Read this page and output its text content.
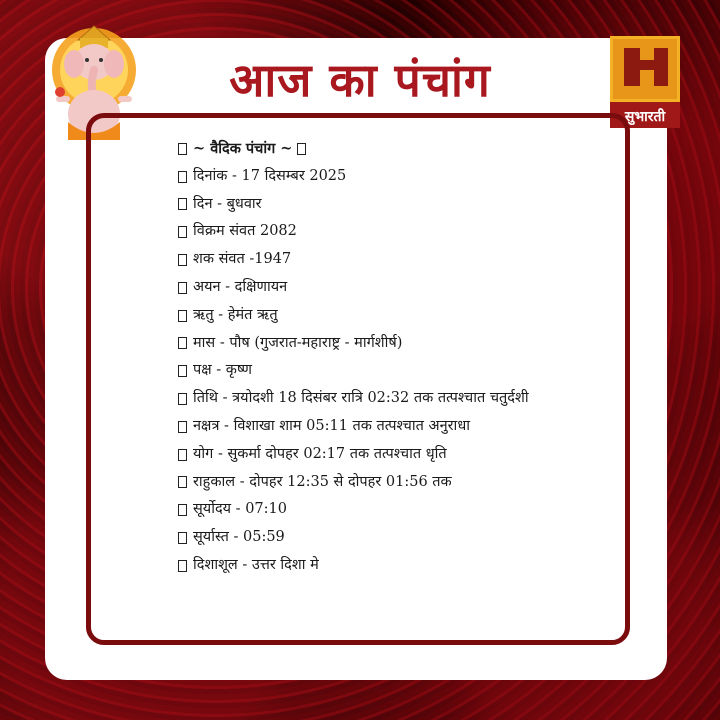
सुभारती
आज का पंचांग
~ वैदिक पंचांग ~
दिनांक - 17 दिसम्बर 2025
दिन - बुधवार
विक्रम संवत 2082
शक संवत -1947
अयन - दक्षिणायन
ऋतु - हेमंत ऋतु
मास - पौष (गुजरात-महाराष्ट्र - मार्गशीर्ष)
पक्ष - कृष्ण
तिथि - त्रयोदशी 18 दिसंबर रात्रि 02:32 तक तत्पश्चात चतुर्दशी
नक्षत्र - विशाखा शाम 05:11 तक तत्पश्चात अनुराधा
योग - सुकर्मा दोपहर 02:17 तक तत्पश्चात धृति
राहुकाल - दोपहर 12:35 से दोपहर 01:56 तक
सूर्योदय - 07:10
सूर्यास्त - 05:59
दिशाशूल - उत्तर दिशा मे
